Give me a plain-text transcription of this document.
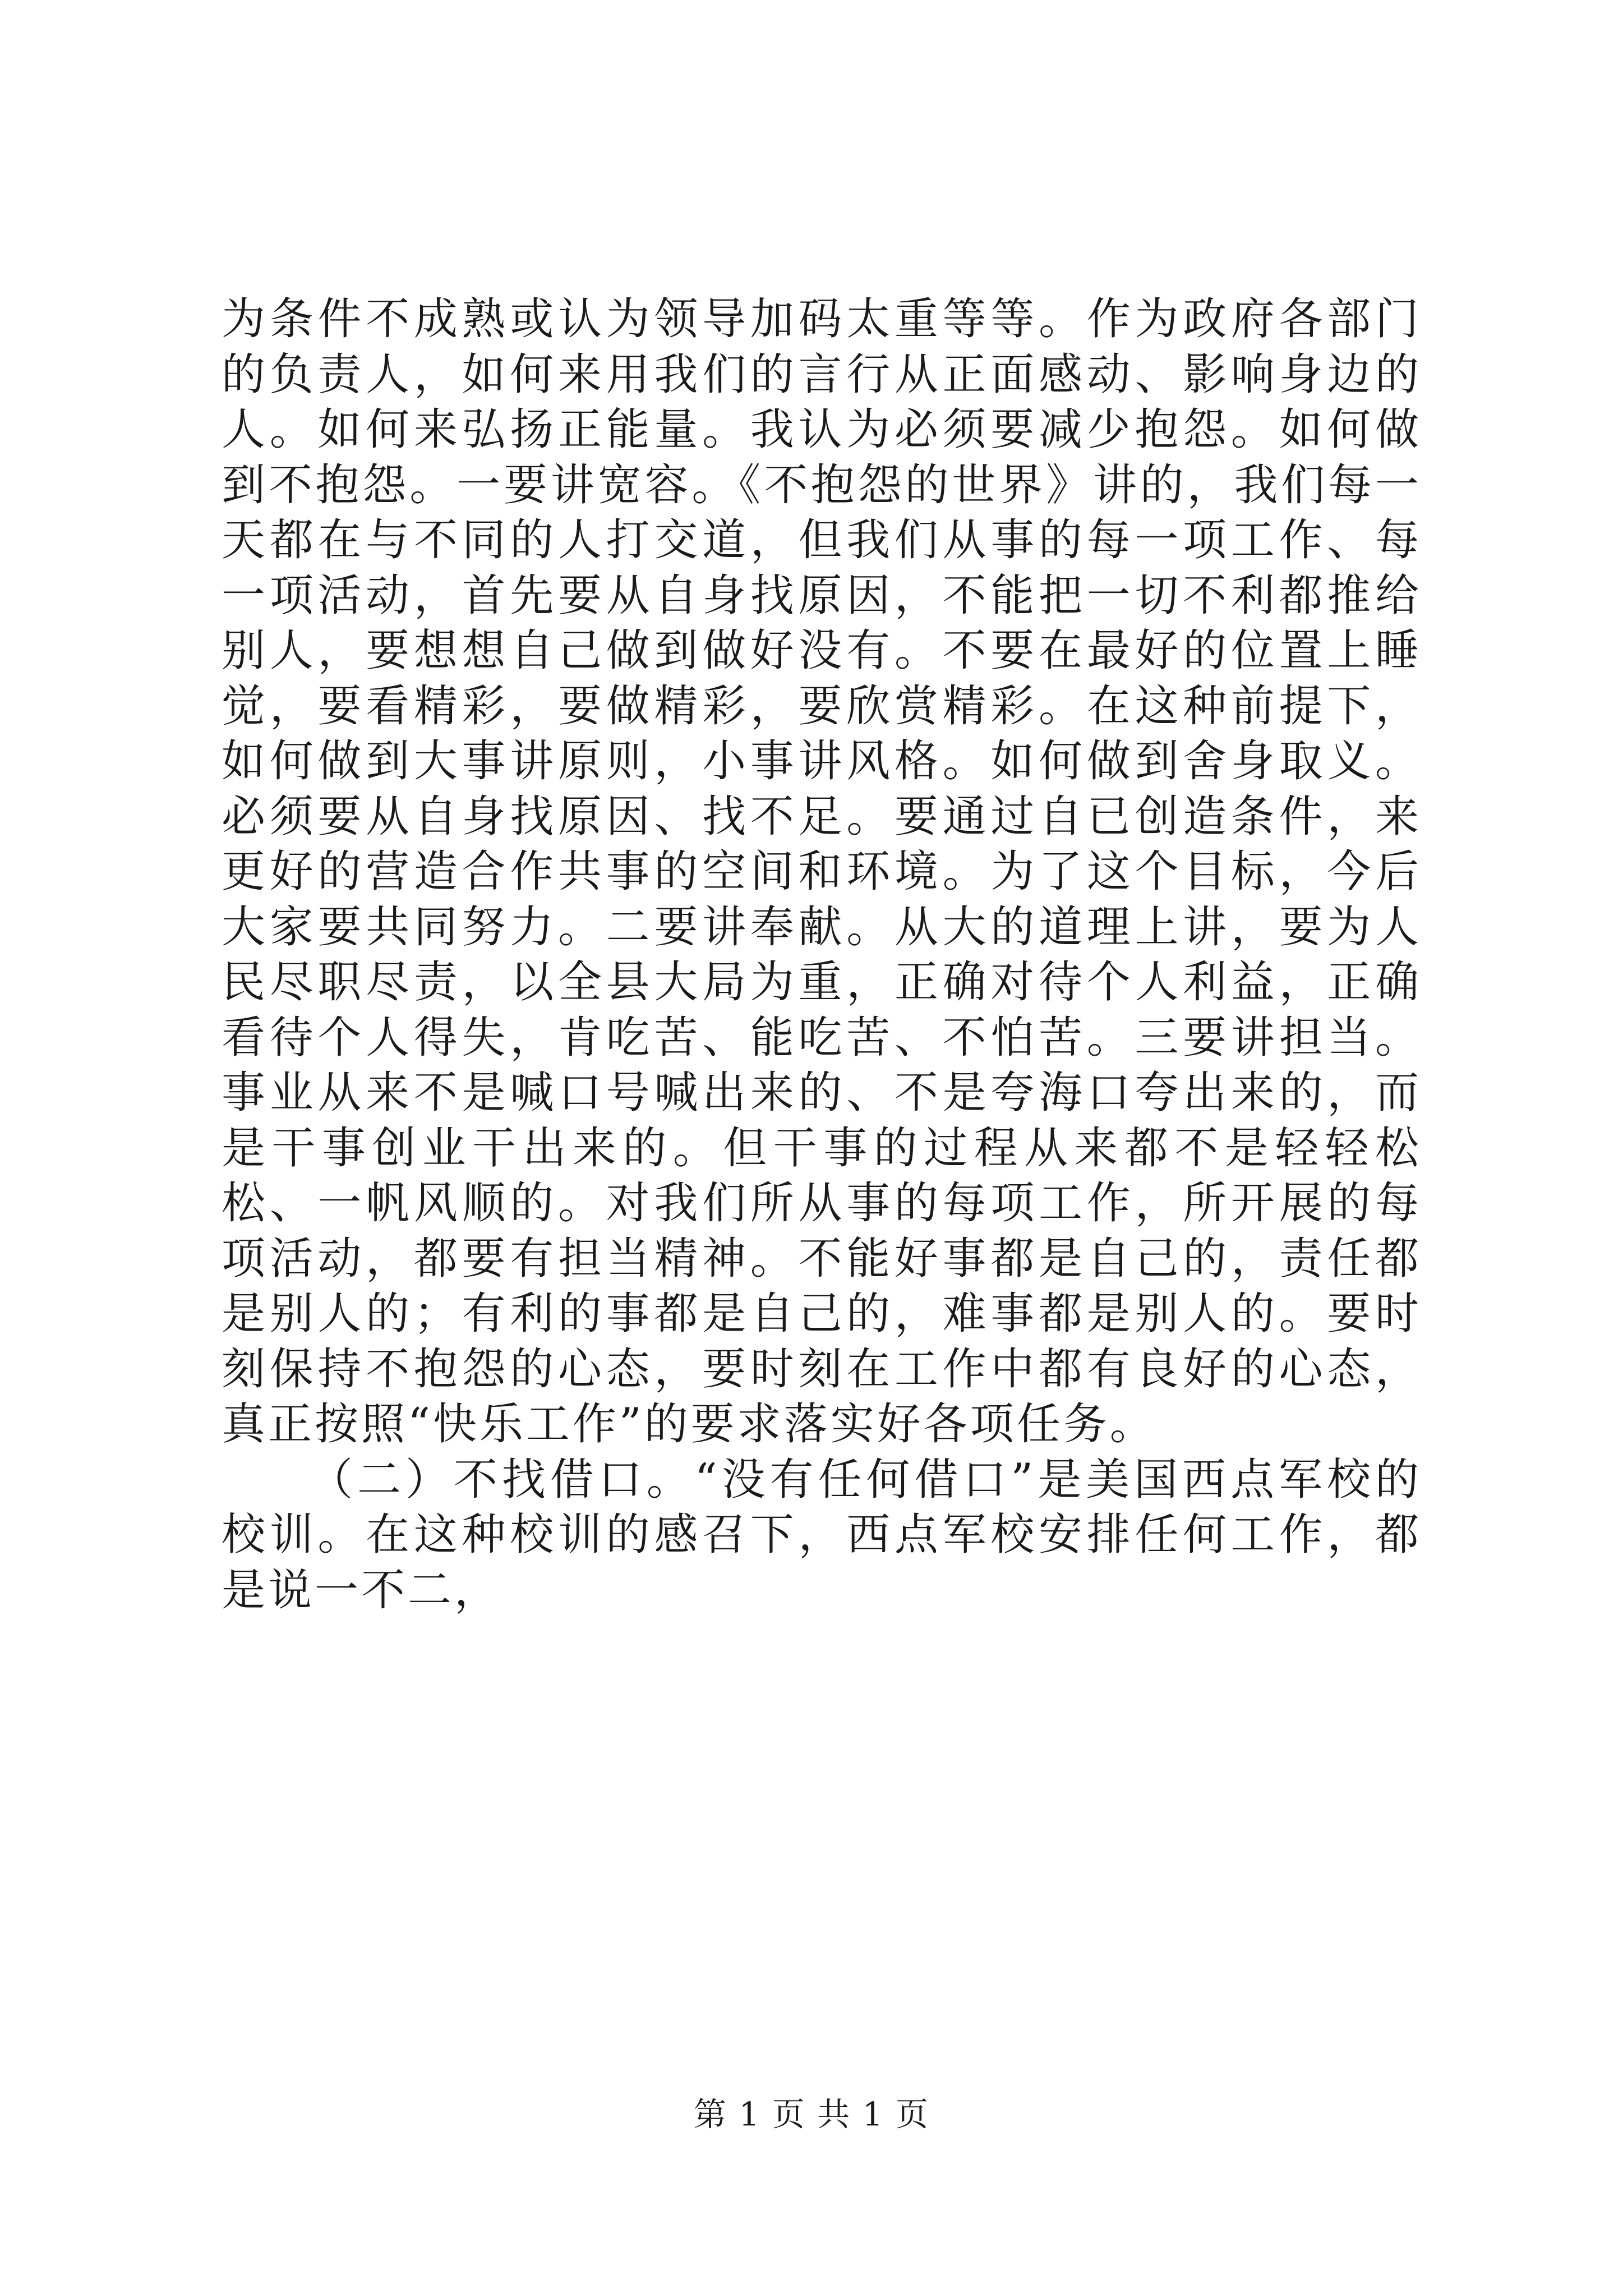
为条件不成熟或认为领导加码太重等等。作为政府各部门的负责人，如何来用我们的言行从正面感动、影响身边的人。如何来弘扬正能量。我认为必须要减少抱怨。如何做到不抱怨。一要讲宽容。《不抱怨的世界》讲的，我们每一天都在与不同的人打交道，但我们从事的每一项工作、每一项活动，首先要从自身找原因，不能把一切不利都推给别人，要想想自己做到做好没有。不要在最好的位置上睡觉，要看精彩，要做精彩，要欣赏精彩。在这种前提下，如何做到大事讲原则，小事讲风格。如何做到舍身取义。必须要从自身找原因、找不足。要通过自已创造条件，来更好的营造合作共事的空间和环境。为了这个目标，今后大家要共同努力。二要讲奉献。从大的道理上讲，要为人民尽职尽责，以全县大局为重，正确对待个人利益，正确看待个人得失，肯吃苦、能吃苦、不怕苦。三要讲担当。事业从来不是喊口号喊出来的、不是夸海口夸出来的，而是干事创业干出来的。但干事的过程从来都不是轻轻松松、一帆风顺的。对我们所从事的每项工作，所开展的每项活动，都要有担当精神。不能好事都是自己的，责任都是别人的；有利的事都是自己的，难事都是别人的。要时刻保持不抱怨的心态，要时刻在工作中都有良好的心态，真正按照“快乐工作”的要求落实好各项任务。

（二）不找借口。“没有任何借口”是美国西点军校的校训。在这种校训的感召下，西点军校安排任何工作，都是说一不二，

第 1 页 共 1 页
